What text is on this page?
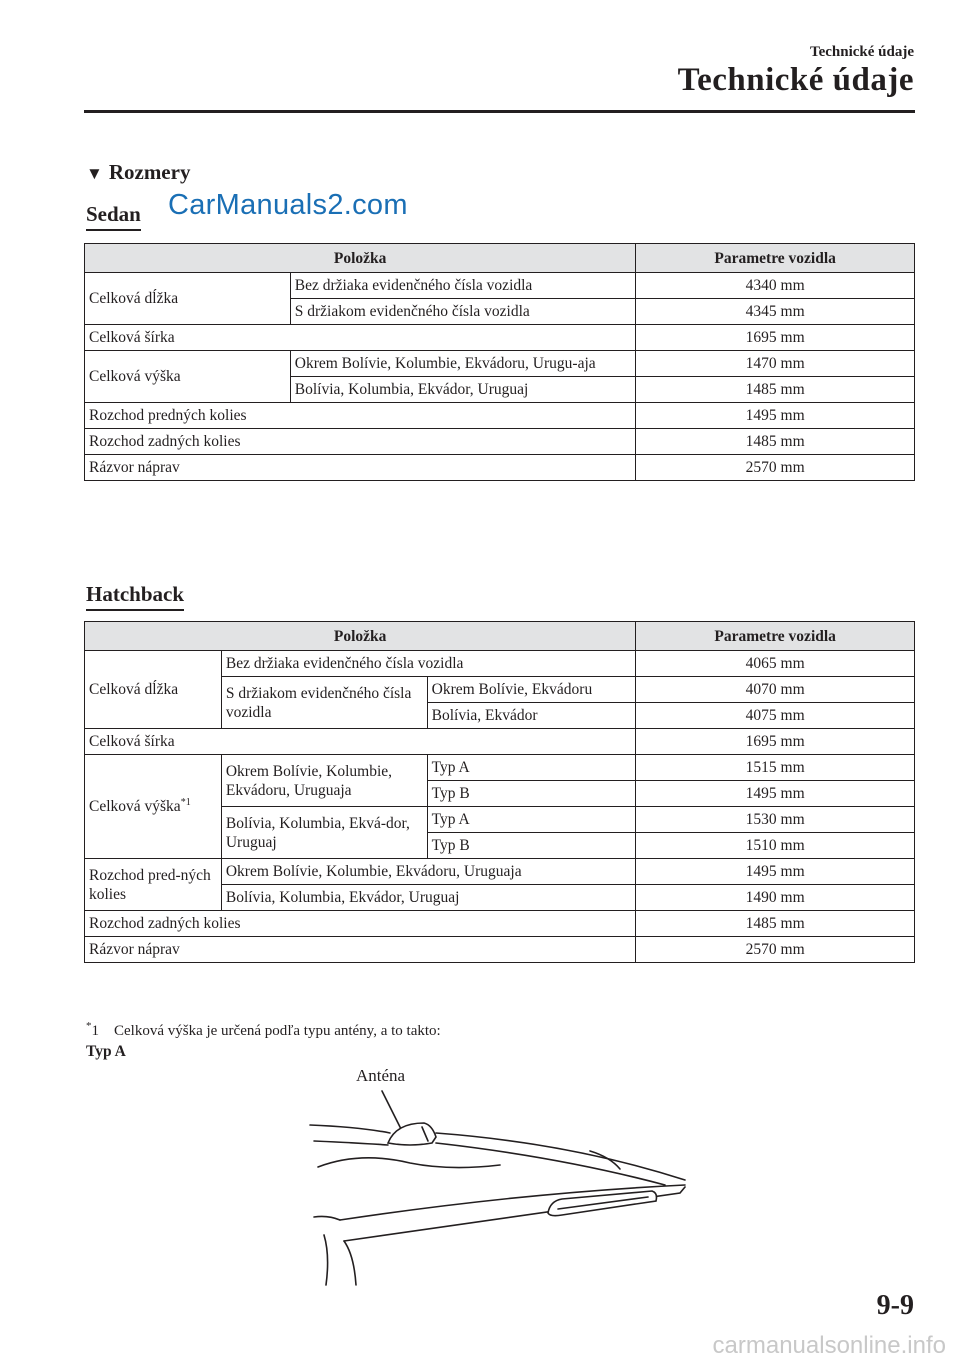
Technické údaje
Technické údaje
▼ Rozmery
Sedan CarManuals2.com
Položka		Parametre vozidla
Celková dĺžka	Bez držiaka evidenčného čísla vozidla	4340 mm
	S držiakom evidenčného čísla vozidla	4345 mm
Celková šírka		1695 mm
Celková výška	Okrem Bolívie, Kolumbie, Ekvádoru, Urugu-aja	1470 mm
	Bolívia, Kolumbia, Ekvádor, Uruguaj	1485 mm
Rozchod predných kolies		1495 mm
Rozchod zadných kolies		1485 mm
Rázvor náprav		2570 mm
Hatchback
Položka			Parametre vozidla
Celková dĺžka	Bez držiaka evidenčného čísla vozidla		4065 mm
	S držiakom evidenčného čísla vozidla	Okrem Bolívie, Ekvádoru	4070 mm
		Bolívia, Ekvádor	4075 mm
Celková šírka			1695 mm
Celková výška$^{*1}$	Okrem Bolívie, Kolumbie, Ekvádoru, Uruguaja	Typ A	1515 mm
		Typ B	1495 mm
	Bolívia, Kolumbia, Ekvá-dor, Uruguaj	Typ A	1530 mm
		Typ B	1510 mm
Rozchod pred-ných kolies	Okrem Bolívie, Kolumbie, Ekvádoru, Uruguaja		1495 mm
	Bolívia, Kolumbia, Ekvádor, Uruguaj		1490 mm
Rozchod zadných kolies			1485 mm
Rázvor náprav			2570 mm
*1    Celková výška je určená podľa typu antény, a to takto:
Typ A
Anténa
9-9
carmanualsonline.info
